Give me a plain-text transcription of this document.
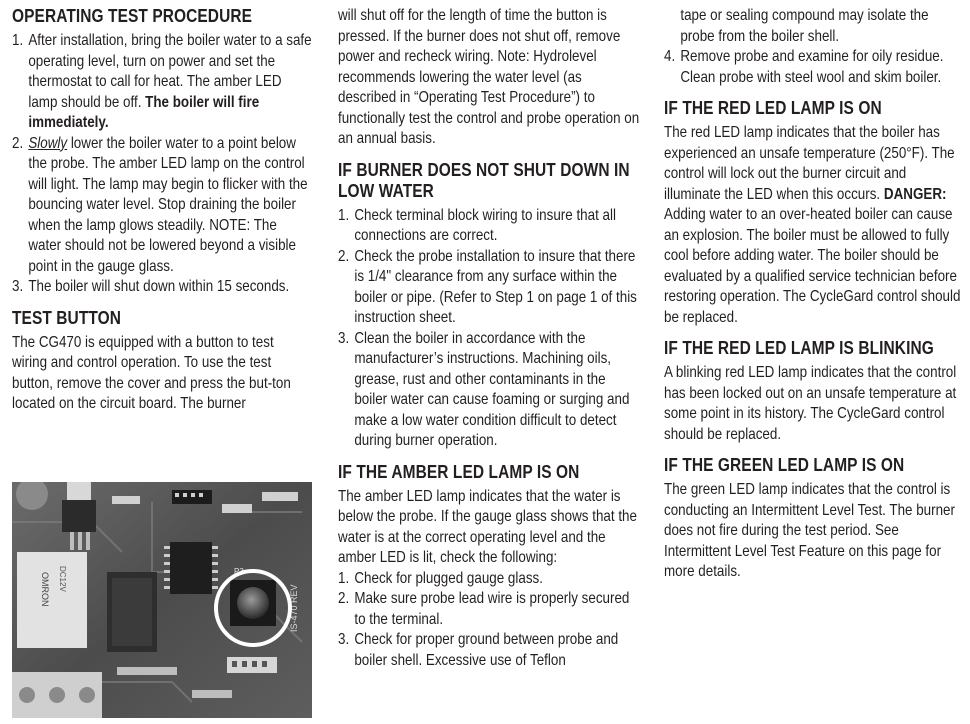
OPERATING TEST PROCEDURE
1. After installation, bring the boiler water to a safe operating level, turn on power and set the thermostat to call for heat. The amber LED lamp should be off. The boiler will fire immediately.
2. Slowly lower the boiler water to a point below the probe. The amber LED lamp on the control will light. The lamp may begin to flicker with the bouncing water level. Stop draining the boiler when the lamp glows steadily. NOTE: The water should not be lowered beyond a visible point in the gauge glass.
3. The boiler will shut down within 15 seconds.
TEST BUTTON

The CG470 is equipped with a button to test wiring and control operation. To use the test button, remove the cover and press the but-ton located on the circuit board. The burner

OMRON DC12V
IS-470 REV
P3

will shut off for the length of time the button is pressed. If the burner does not shut off, remove power and recheck wiring. Note: Hydrolevel recommends lowering the water level (as described in “Operating Test Procedure”) to functionally test the control and probe operation on an annual basis.

IF BURNER DOES NOT SHUT DOWN IN LOW WATER
1. Check terminal block wiring to insure that all connections are correct.
2. Check the probe installation to insure that there is 1/4" clearance from any surface within the boiler or pipe. (Refer to Step 1 on page 1 of this instruction sheet.
3. Clean the boiler in accordance with the manufacturer’s instructions. Machining oils, grease, rust and other contaminants in the boiler water can cause foaming or surging and make a low water condition difficult to detect during burner operation.
IF THE AMBER LED LAMP IS ON

The amber LED lamp indicates that the water is below the probe. If the gauge glass shows that the water is at the correct operating level and the amber LED is lit, check the following:

1. Check for plugged gauge glass.
2. Make sure probe lead wire is properly secured to the terminal.
3. Check for proper ground between probe and boiler shell. Excessive use of Teflon
tape or sealing compound may isolate the probe from the boiler shell.
4. Remove probe and examine for oily residue. Clean probe with steel wool and skim boiler.
IF THE RED LED LAMP IS ON

The red LED lamp indicates that the boiler has experienced an unsafe temperature (250°F). The control will lock out the burner circuit and illuminate the LED when this occurs. DANGER: Adding water to an over-heated boiler can cause an explosion. The boiler must be allowed to fully cool before adding water. The boiler should be evaluated by a qualified service technician before restoring operation. The CycleGard control should be replaced.

IF THE RED LED LAMP IS BLINKING

A blinking red LED lamp indicates that the control has been locked out on an unsafe temperature at some point in its history. The CycleGard control should be replaced.

IF THE GREEN LED LAMP IS ON

The green LED lamp indicates that the control is conducting an Intermittent Level Test. The burner does not fire during the test period. See Intermittent Level Test Feature on this page for more details.
